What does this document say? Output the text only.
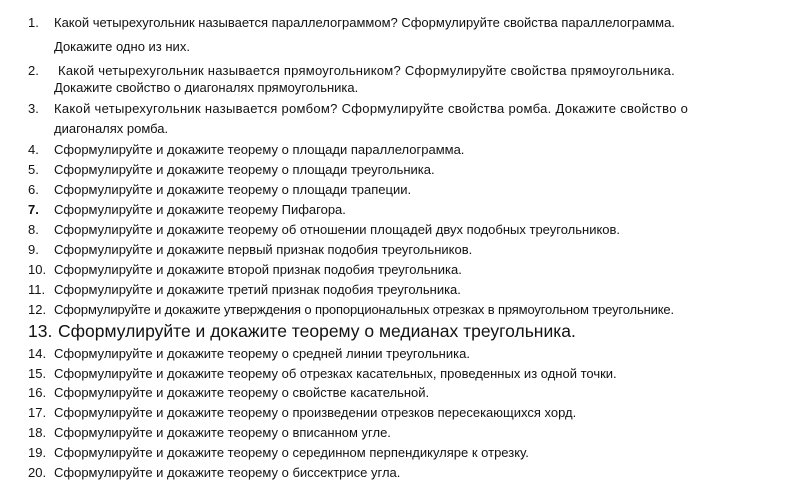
1. Какой четырехугольник называется параллелограммом? Сформулируйте свойства параллелограмма.
Докажите одно из них.
2. Какой четырехугольник называется прямоугольником? Сформулируйте свойства прямоугольника.
Докажите свойство о диагоналях прямоугольника.
3. Какой четырехугольник называется ромбом? Сформулируйте свойства ромба. Докажите свойство о
диагоналях ромба.
4. Сформулируйте и докажите теорему о площади параллелограмма.
5. Сформулируйте и докажите теорему о площади треугольника.
6. Сформулируйте и докажите теорему о площади трапеции.
7. Сформулируйте и докажите теорему Пифагора.
8. Сформулируйте и докажите теорему об отношении площадей двух подобных треугольников.
9. Сформулируйте и докажите первый признак подобия треугольников.
10. Сформулируйте и докажите второй признак подобия треугольника.
11. Сформулируйте и докажите третий признак подобия треугольника.
12. Сформулируйте и докажите утверждения о пропорциональных отрезках в прямоугольном треугольнике.
13. Сформулируйте и докажите теорему о медианах треугольника.
14. Сформулируйте и докажите теорему о средней линии треугольника.
15. Сформулируйте и докажите теорему об отрезках касательных, проведенных из одной точки.
16. Сформулируйте и докажите теорему о свойстве касательной.
17. Сформулируйте и докажите теорему о произведении отрезков пересекающихся хорд.
18. Сформулируйте и докажите теорему о вписанном угле.
19. Сформулируйте и докажите теорему о серединном перпендикуляре к отрезку.
20. Сформулируйте и докажите теорему о биссектрисе угла.
